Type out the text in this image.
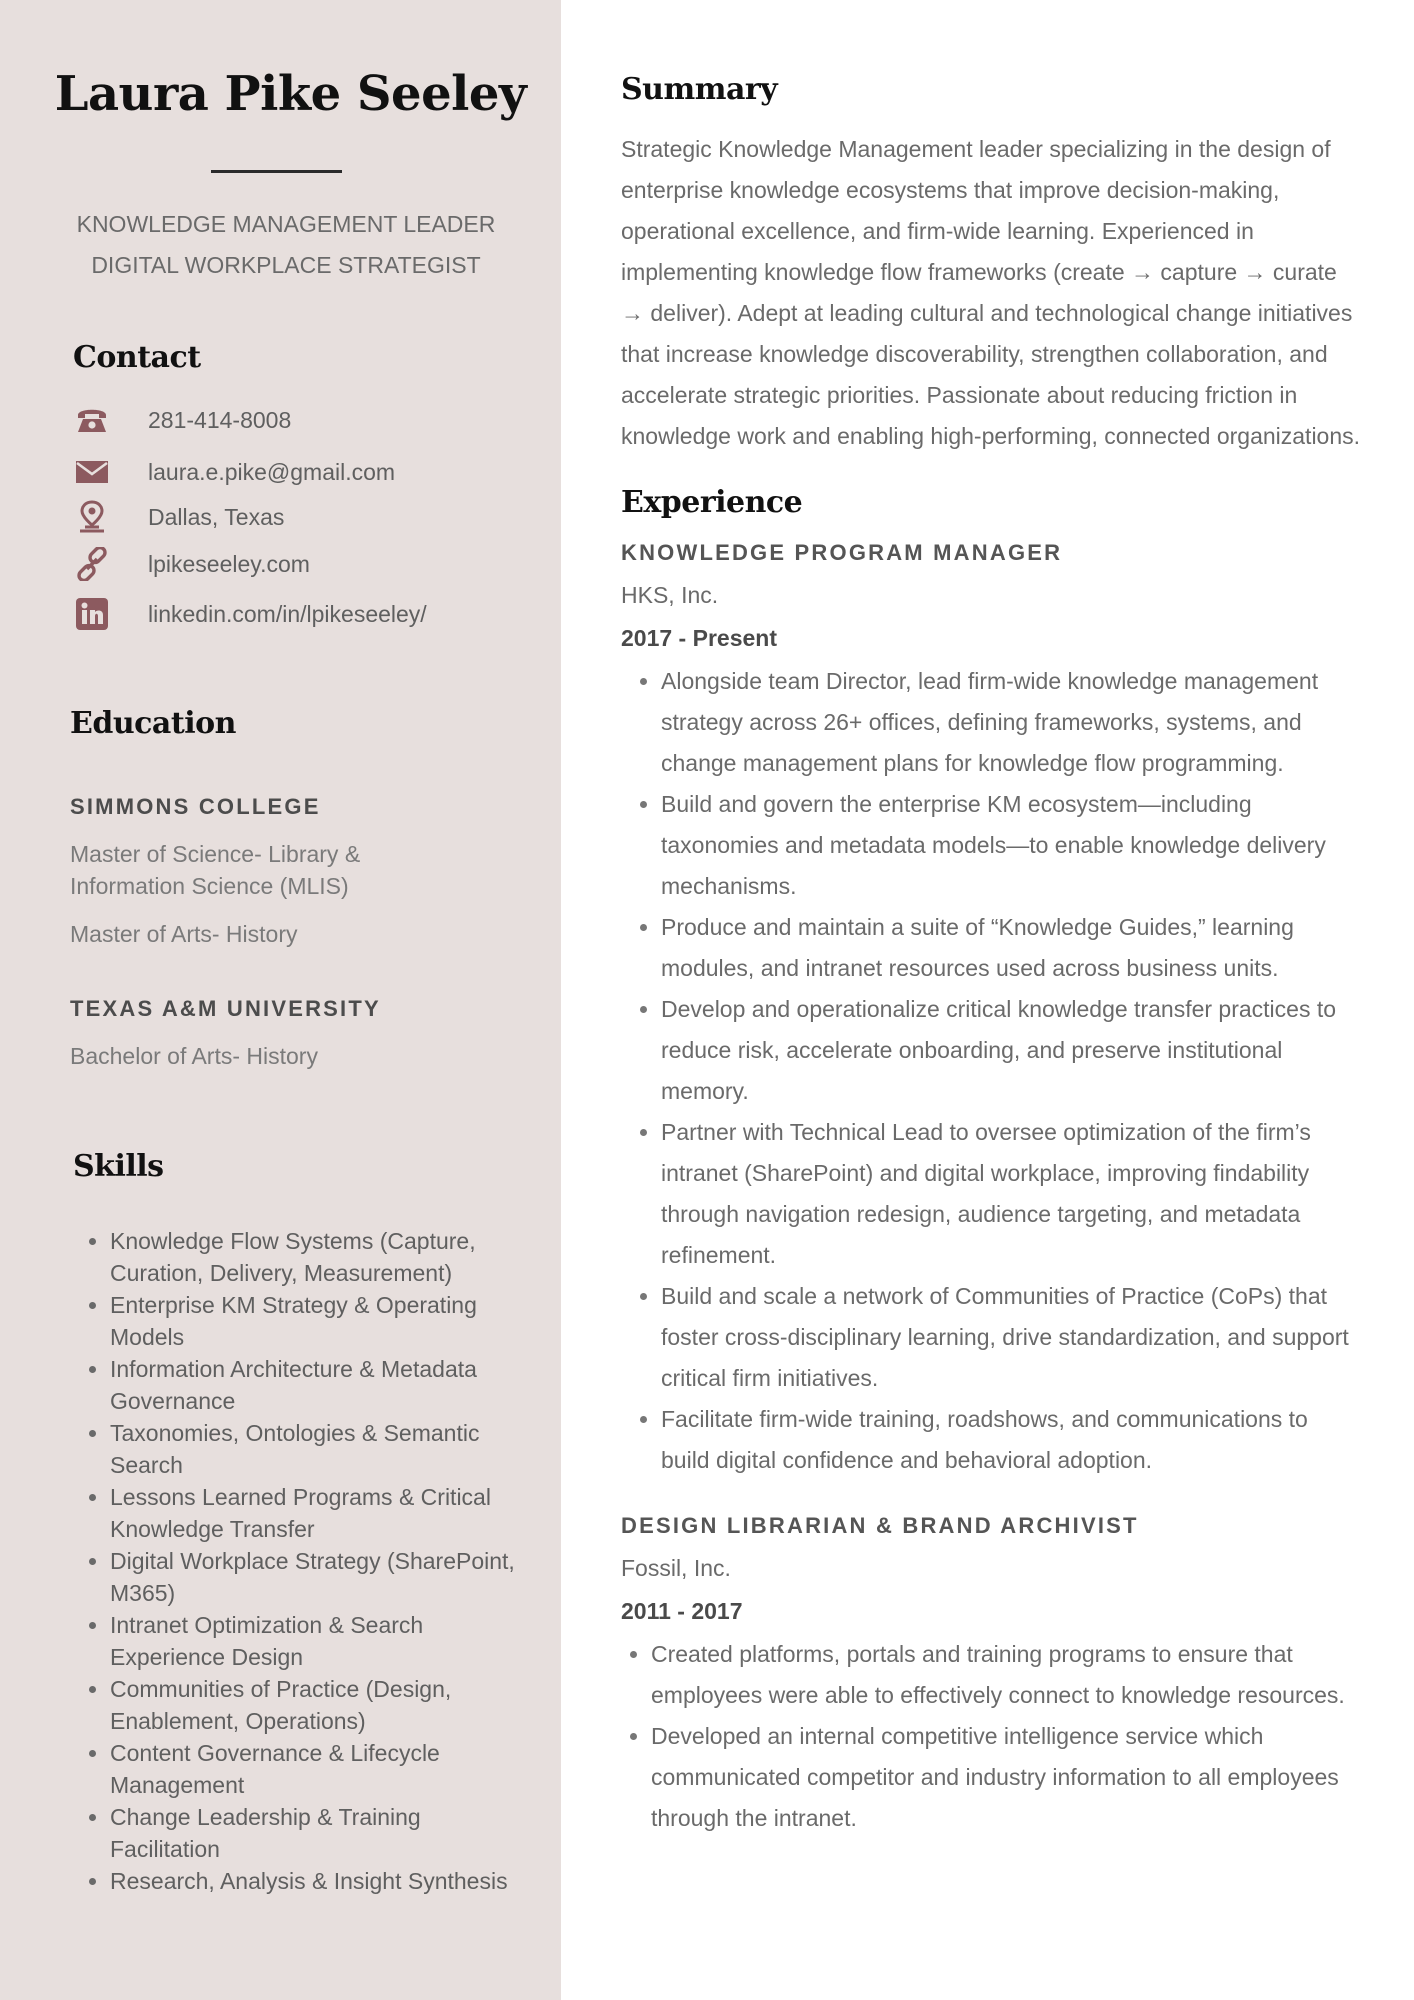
Laura Pike Seeley
KNOWLEDGE MANAGEMENT LEADER
DIGITAL WORKPLACE STRATEGIST
Contact
281-414-8008
laura.e.pike@gmail.com
Dallas, Texas
lpikeseeley.com
linkedin.com/in/lpikeseeley/
Education
SIMMONS COLLEGE
Master of Science- Library & Information Science (MLIS)
Master of Arts- History
TEXAS A&M UNIVERSITY
Bachelor of Arts- History
Skills
• Knowledge Flow Systems (Capture, Curation, Delivery, Measurement)
• Enterprise KM Strategy & Operating Models
• Information Architecture & Metadata Governance
• Taxonomies, Ontologies & Semantic Search
• Lessons Learned Programs & Critical Knowledge Transfer
• Digital Workplace Strategy (SharePoint, M365)
• Intranet Optimization & Search Experience Design
• Communities of Practice (Design, Enablement, Operations)
• Content Governance & Lifecycle Management
• Change Leadership & Training Facilitation
• Research, Analysis & Insight Synthesis
Summary

Strategic Knowledge Management leader specializing in the design of enterprise knowledge ecosystems that improve decision-making, operational excellence, and firm-wide learning. Experienced in implementing knowledge flow frameworks (create → capture → curate → deliver). Adept at leading cultural and technological change initiatives that increase knowledge discoverability, strengthen collaboration, and accelerate strategic priorities. Passionate about reducing friction in knowledge work and enabling high-performing, connected organizations.

Experience
KNOWLEDGE PROGRAM MANAGER
HKS, Inc.
2017 - Present
• Alongside team Director, lead firm-wide knowledge management strategy across 26+ offices, defining frameworks, systems, and change management plans for knowledge flow programming.
• Build and govern the enterprise KM ecosystem—including taxonomies and metadata models—to enable knowledge delivery mechanisms.
• Produce and maintain a suite of “Knowledge Guides,” learning modules, and intranet resources used across business units.
• Develop and operationalize critical knowledge transfer practices to reduce risk, accelerate onboarding, and preserve institutional memory.
• Partner with Technical Lead to oversee optimization of the firm’s intranet (SharePoint) and digital workplace, improving findability through navigation redesign, audience targeting, and metadata refinement.
• Build and scale a network of Communities of Practice (CoPs) that foster cross-disciplinary learning, drive standardization, and support critical firm initiatives.
• Facilitate firm-wide training, roadshows, and communications to build digital confidence and behavioral adoption.
DESIGN LIBRARIAN & BRAND ARCHIVIST
Fossil, Inc.
2011 - 2017
• Created platforms, portals and training programs to ensure that employees were able to effectively connect to knowledge resources.
• Developed an internal competitive intelligence service which communicated competitor and industry information to all employees through the intranet.
